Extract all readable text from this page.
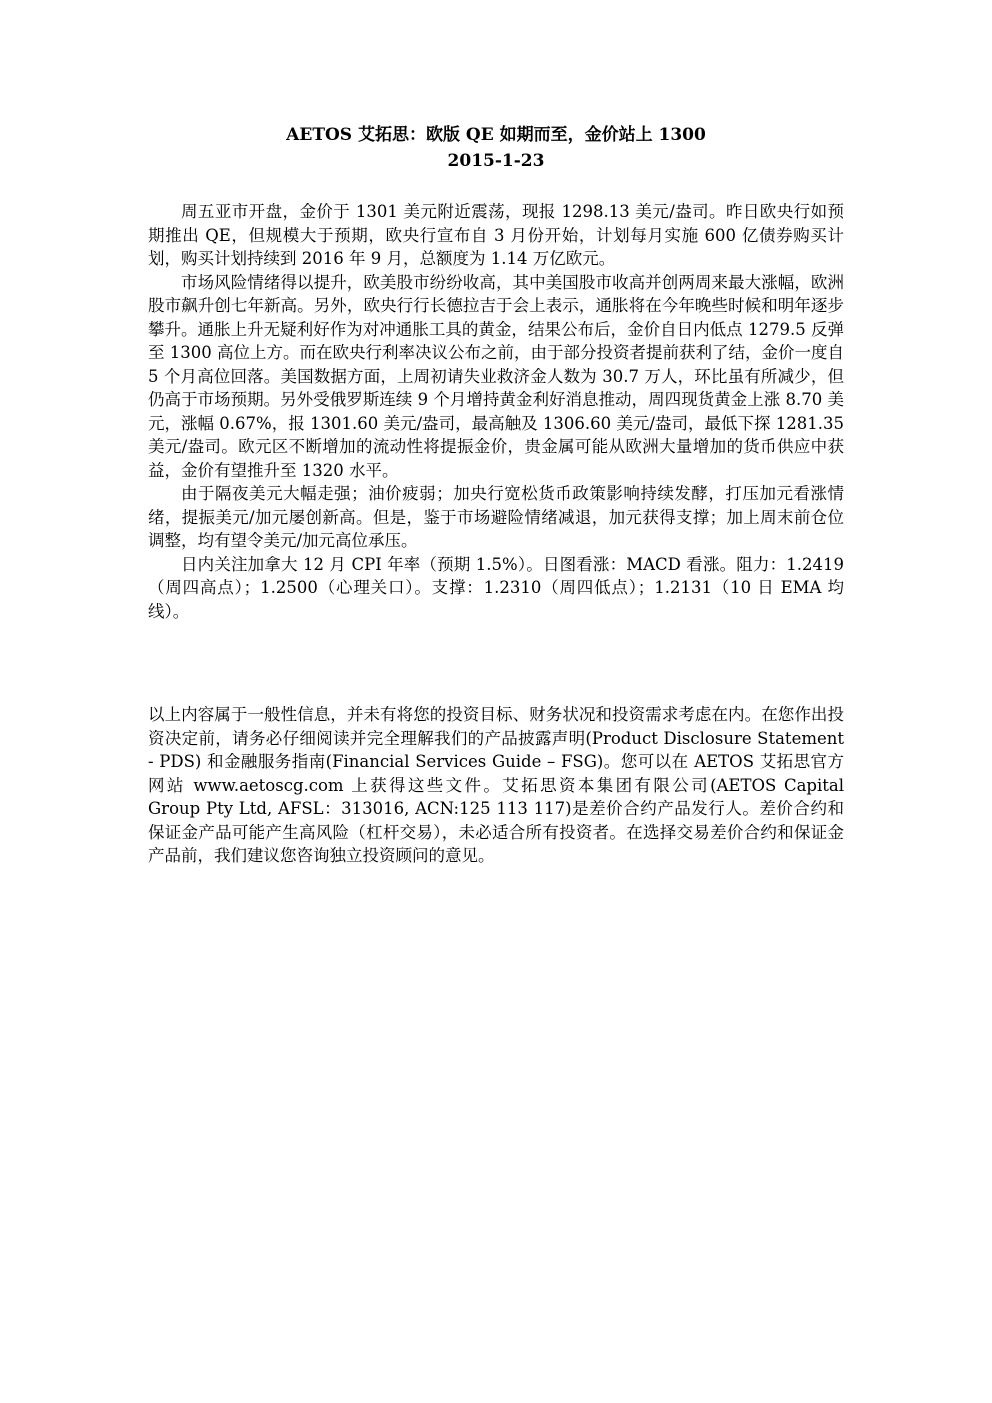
AETOS 艾拓思：欧版 QE 如期而至，金价站上 1300
2015-1-23

周五亚市开盘，金价于 1301 美元附近震荡，现报 1298.13 美元/盎司。昨日欧央行如预期推出 QE，但规模大于预期，欧央行宣布自 3 月份开始，计划每月实施 600 亿债券购买计划，购买计划持续到 2016 年 9 月，总额度为 1.14 万亿欧元。

市场风险情绪得以提升，欧美股市纷纷收高，其中美国股市收高并创两周来最大涨幅，欧洲股市飙升创七年新高。另外，欧央行行长德拉吉于会上表示，通胀将在今年晚些时候和明年逐步攀升。通胀上升无疑利好作为对冲通胀工具的黄金，结果公布后，金价自日内低点 1279.5 反弹至 1300 高位上方。而在欧央行利率决议公布之前，由于部分投资者提前获利了结，金价一度自 5 个月高位回落。美国数据方面，上周初请失业救济金人数为 30.7 万人，环比虽有所减少，但仍高于市场预期。另外受俄罗斯连续 9 个月增持黄金利好消息推动，周四现货黄金上涨 8.70 美元，涨幅 0.67%，报 1301.60 美元/盎司，最高触及 1306.60 美元/盎司，最低下探 1281.35 美元/盎司。欧元区不断增加的流动性将提振金价，贵金属可能从欧洲大量增加的货币供应中获益，金价有望推升至 1320 水平。

由于隔夜美元大幅走强；油价疲弱；加央行宽松货币政策影响持续发酵，打压加元看涨情绪，提振美元/加元屡创新高。但是，鉴于市场避险情绪减退，加元获得支撑；加上周末前仓位调整，均有望令美元/加元高位承压。

日内关注加拿大 12 月 CPI 年率（预期 1.5%）。日图看涨：MACD 看涨。阻力：1.2419（周四高点）；1.2500（心理关口）。支撑：1.2310（周四低点）；1.2131（10 日 EMA 均线）。

以上内容属于一般性信息，并未有将您的投资目标、财务状况和投资需求考虑在内。在您作出投资决定前，请务必仔细阅读并完全理解我们的产品披露声明(Product Disclosure Statement - PDS) 和金融服务指南(Financial Services Guide – FSG)。您可以在 AETOS 艾拓思官方网站 www.aetoscg.com 上获得这些文件。艾拓思资本集团有限公司(AETOS Capital Group Pty Ltd, AFSL：313016, ACN:125 113 117)是差价合约产品发行人。差价合约和保证金产品可能产生高风险（杠杆交易），未必适合所有投资者。在选择交易差价合约和保证金产品前，我们建议您咨询独立投资顾问的意见。
